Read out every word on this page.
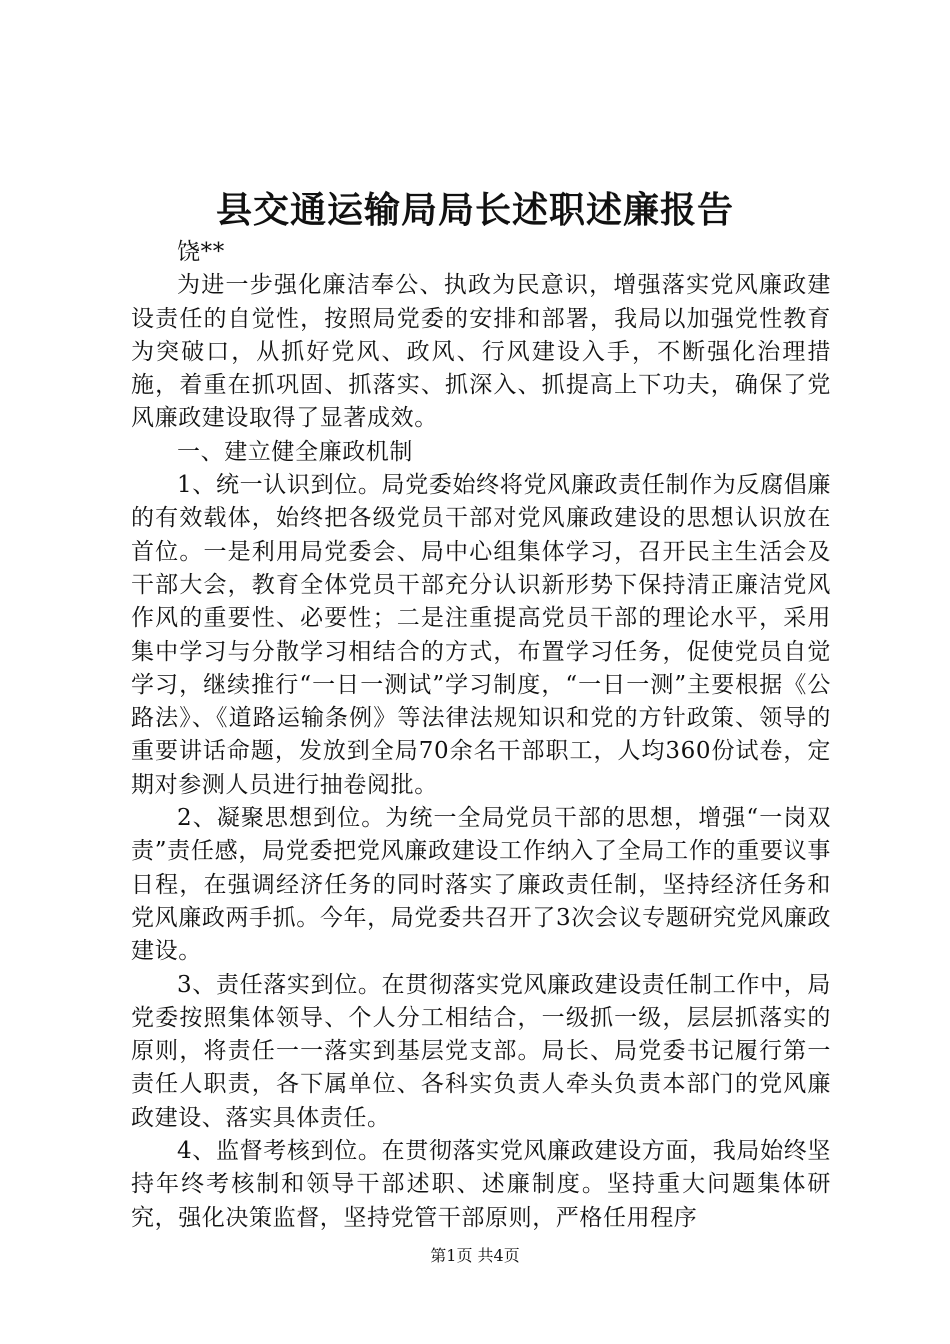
县交通运输局局长述职述廉报告

饶**

为进一步强化廉洁奉公、执政为民意识，增强落实党风廉政建设责任的自觉性，按照局党委的安排和部署，我局以加强党性教育为突破口，从抓好党风、政风、行风建设入手，不断强化治理措施，着重在抓巩固、抓落实、抓深入、抓提高上下功夫，确保了党风廉政建设取得了显著成效。

一、建立健全廉政机制

1、统一认识到位。局党委始终将党风廉政责任制作为反腐倡廉的有效载体，始终把各级党员干部对党风廉政建设的思想认识放在首位。一是利用局党委会、局中心组集体学习，召开民主生活会及干部大会，教育全体党员干部充分认识新形势下保持清正廉洁党风作风的重要性、必要性；二是注重提高党员干部的理论水平，采用集中学习与分散学习相结合的方式，布置学习任务，促使党员自觉学习，继续推行“一日一测试”学习制度，“一日一测”主要根据《公路法》、《道路运输条例》等法律法规知识和党的方针政策、领导的重要讲话命题，发放到全局70余名干部职工，人均360份试卷，定期对参测人员进行抽卷阅批。

2、凝聚思想到位。为统一全局党员干部的思想，增强“一岗双责”责任感，局党委把党风廉政建设工作纳入了全局工作的重要议事日程，在强调经济任务的同时落实了廉政责任制，坚持经济任务和党风廉政两手抓。今年，局党委共召开了3次会议专题研究党风廉政建设。

3、责任落实到位。在贯彻落实党风廉政建设责任制工作中，局党委按照集体领导、个人分工相结合，一级抓一级，层层抓落实的原则，将责任一一落实到基层党支部。局长、局党委书记履行第一责任人职责，各下属单位、各科实负责人牵头负责本部门的党风廉政建设、落实具体责任。

4、监督考核到位。在贯彻落实党风廉政建设方面，我局始终坚持年终考核制和领导干部述职、述廉制度。坚持重大问题集体研究，强化决策监督，坚持党管干部原则，严格任用程序

第1页 共4页
